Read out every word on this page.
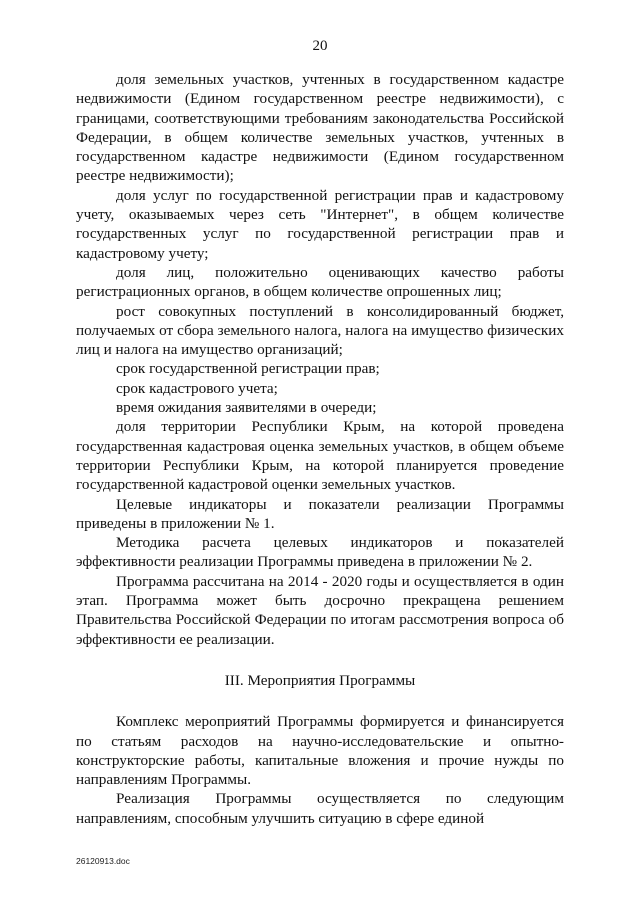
20

доля земельных участков, учтенных в государственном кадастре недвижимости (Едином государственном реестре недвижимости), с границами, соответствующими требованиям законодательства Российской Федерации, в общем количестве земельных участков, учтенных в государственном кадастре недвижимости (Едином государственном реестре недвижимости);

доля услуг по государственной регистрации прав и кадастровому учету, оказываемых через сеть "Интернет", в общем количестве государственных услуг по государственной регистрации прав и кадастровому учету;

доля лиц, положительно оценивающих качество работы регистрационных органов, в общем количестве опрошенных лиц;

рост совокупных поступлений в консолидированный бюджет, получаемых от сбора земельного налога, налога на имущество физических лиц и налога на имущество организаций;

срок государственной регистрации прав;

срок кадастрового учета;

время ожидания заявителями в очереди;

доля территории Республики Крым, на которой проведена государственная кадастровая оценка земельных участков, в общем объеме территории Республики Крым, на которой планируется проведение государственной кадастровой оценки земельных участков.

Целевые индикаторы и показатели реализации Программы приведены в приложении № 1.

Методика расчета целевых индикаторов и показателей эффективности реализации Программы приведена в приложении № 2.

Программа рассчитана на 2014 - 2020 годы и осуществляется в один этап. Программа может быть досрочно прекращена решением Правительства Российской Федерации по итогам рассмотрения вопроса об эффективности ее реализации.

III. Мероприятия Программы

Комплекс мероприятий Программы формируется и финансируется по статьям расходов на научно-исследовательские и опытно-конструкторские работы, капитальные вложения и прочие нужды по направлениям Программы.

Реализация Программы осуществляется по следующим направлениям, способным улучшить ситуацию в сфере единой

26120913.doc
